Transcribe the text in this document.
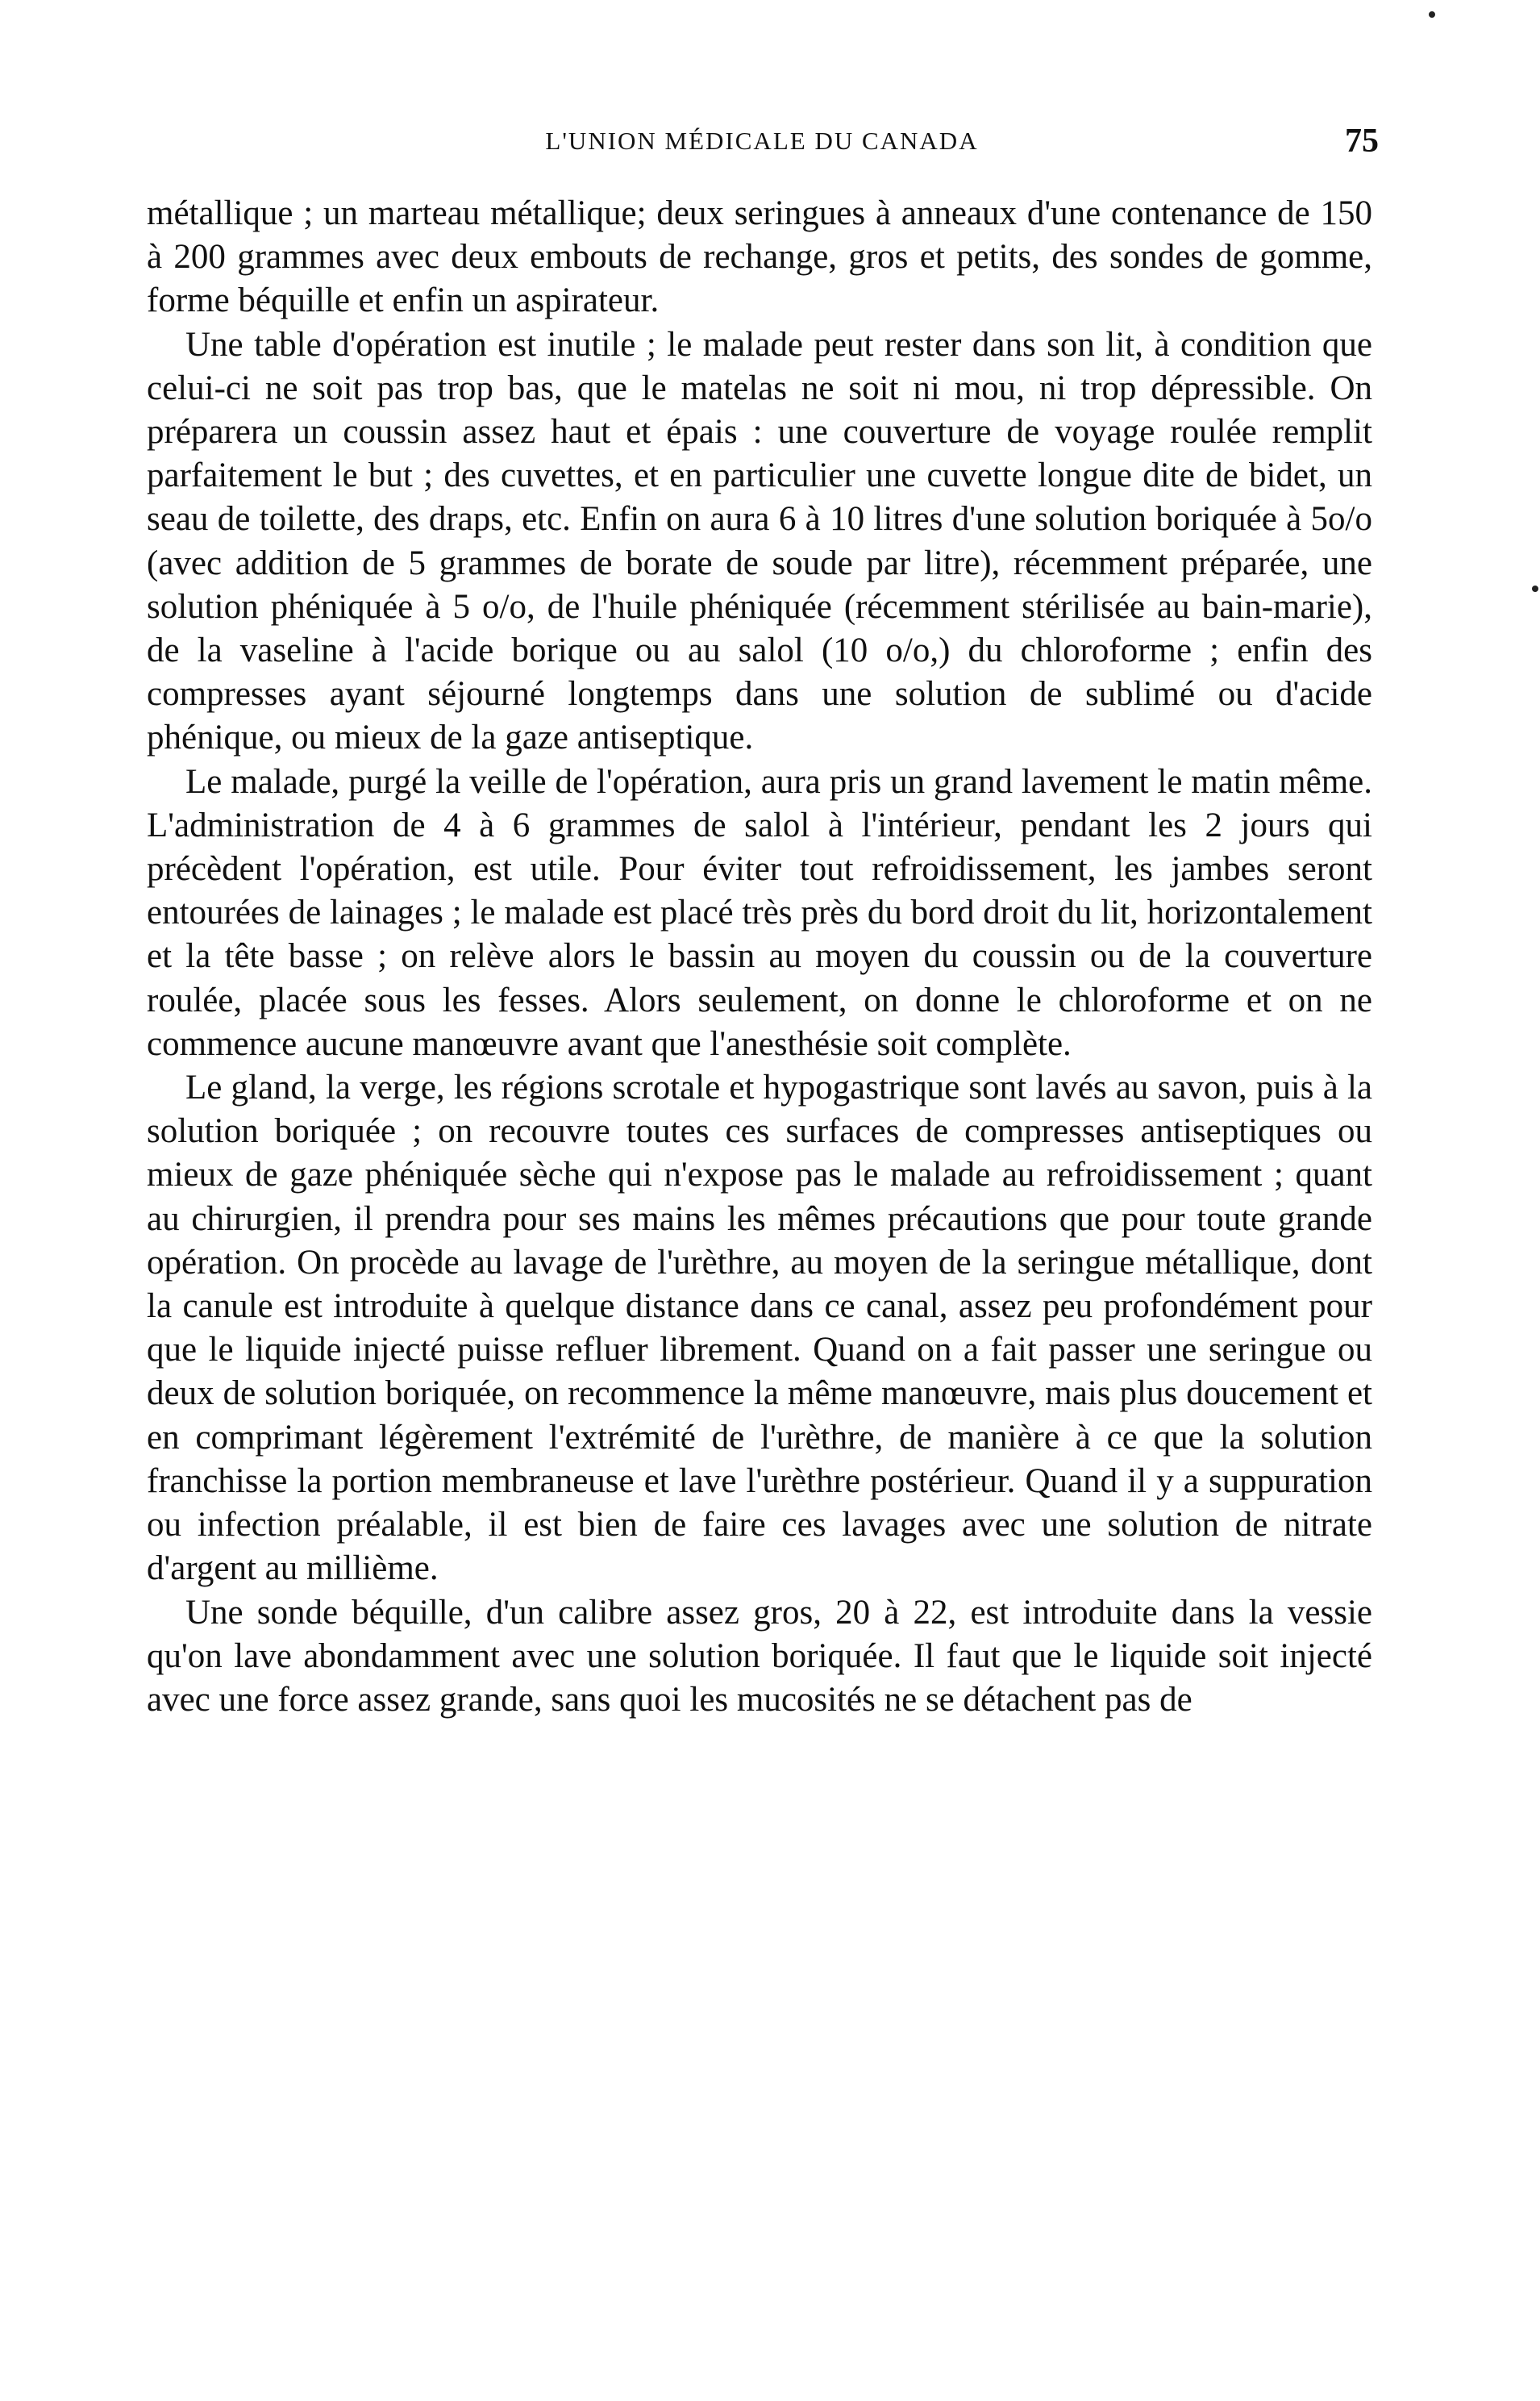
L'UNION MÉDICALE DU CANADA	75

métallique ; un marteau métallique; deux seringues à anneaux d'une contenance de 150 à 200 grammes avec deux embouts de rechange, gros et petits, des sondes de gomme, forme béquille et enfin un aspirateur.

Une table d'opération est inutile ; le malade peut rester dans son lit, à condition que celui-ci ne soit pas trop bas, que le matelas ne soit ni mou, ni trop dépressible. On préparera un coussin assez haut et épais : une couverture de voyage roulée remplit parfaitement le but ; des cuvettes, et en particulier une cuvette longue dite de bidet, un seau de toilette, des draps, etc. Enfin on aura 6 à 10 litres d'une solution boriquée à 5o/o (avec addition de 5 grammes de borate de soude par litre), récemment préparée, une solution phéniquée à 5 o/o, de l'huile phéniquée (récemment stérilisée au bain-marie), de la vaseline à l'acide borique ou au salol (10 o/o,) du chloroforme ; enfin des compresses ayant séjourné longtemps dans une solution de sublimé ou d'acide phénique, ou mieux de la gaze antiseptique.

Le malade, purgé la veille de l'opération, aura pris un grand lavement le matin même. L'administration de 4 à 6 grammes de salol à l'intérieur, pendant les 2 jours qui précèdent l'opération, est utile. Pour éviter tout refroidissement, les jambes seront entourées de lainages ; le malade est placé très près du bord droit du lit, horizontalement et la tête basse ; on relève alors le bassin au moyen du coussin ou de la couverture roulée, placée sous les fesses. Alors seulement, on donne le chloroforme et on ne commence aucune manœuvre avant que l'anesthésie soit complète.

Le gland, la verge, les régions scrotale et hypogastrique sont lavés au savon, puis à la solution boriquée ; on recouvre toutes ces surfaces de compresses antiseptiques ou mieux de gaze phéniquée sèche qui n'expose pas le malade au refroidissement ; quant au chirurgien, il prendra pour ses mains les mêmes précautions que pour toute grande opération. On procède au lavage de l'urèthre, au moyen de la seringue métallique, dont la canule est introduite à quelque distance dans ce canal, assez peu profondément pour que le liquide injecté puisse refluer librement. Quand on a fait passer une seringue ou deux de solution boriquée, on recommence la même manœuvre, mais plus doucement et en comprimant légèrement l'extrémité de l'urèthre, de manière à ce que la solution franchisse la portion membraneuse et lave l'urèthre postérieur. Quand il y a suppuration ou infection préalable, il est bien de faire ces lavages avec une solution de nitrate d'argent au millième.

Une sonde béquille, d'un calibre assez gros, 20 à 22, est introduite dans la vessie qu'on lave abondamment avec une solution boriquée. Il faut que le liquide soit injecté avec une force assez grande, sans quoi les mucosités ne se détachent pas de
